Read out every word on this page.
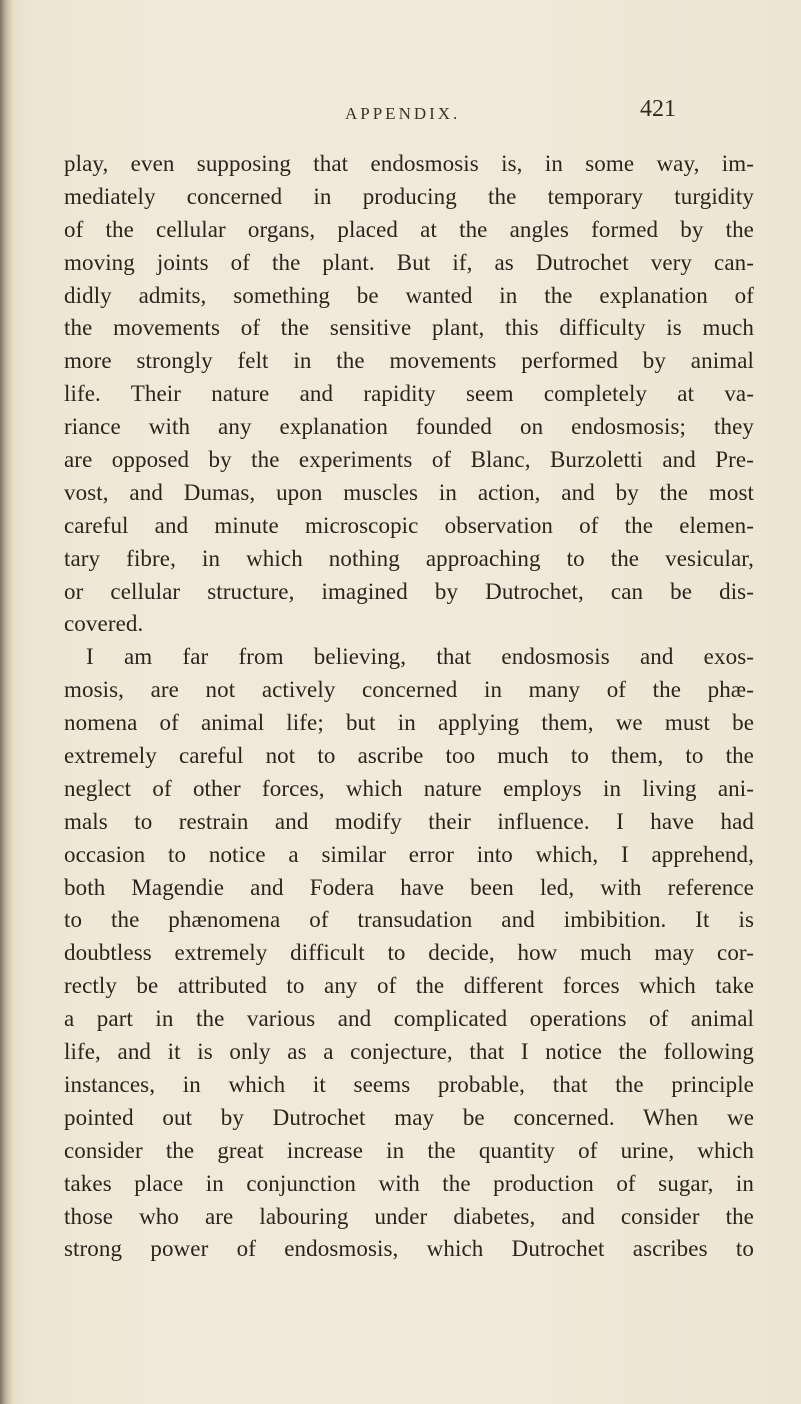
APPENDIX.	421
play, even supposing that endosmosis is, in some way, im-
mediately concerned in producing the temporary turgidity
of the cellular organs, placed at the angles formed by the
moving joints of the plant. But if, as Dutrochet very can-
didly admits, something be wanted in the explanation of
the movements of the sensitive plant, this difficulty is much
more strongly felt in the movements performed by animal
life. Their nature and rapidity seem completely at va-
riance with any explanation founded on endosmosis; they
are opposed by the experiments of Blanc, Burzoletti and Pre-
vost, and Dumas, upon muscles in action, and by the most
careful and minute microscopic observation of the elemen-
tary fibre, in which nothing approaching to the vesicular,
or cellular structure, imagined by Dutrochet, can be dis-
covered.
I am far from believing, that endosmosis and exos-
mosis, are not actively concerned in many of the phæ-
nomena of animal life; but in applying them, we must be
extremely careful not to ascribe too much to them, to the
neglect of other forces, which nature employs in living ani-
mals to restrain and modify their influence. I have had
occasion to notice a similar error into which, I apprehend,
both Magendie and Fodera have been led, with reference
to the phænomena of transudation and imbibition. It is
doubtless extremely difficult to decide, how much may cor-
rectly be attributed to any of the different forces which take
a part in the various and complicated operations of animal
life, and it is only as a conjecture, that I notice the following
instances, in which it seems probable, that the principle
pointed out by Dutrochet may be concerned. When we
consider the great increase in the quantity of urine, which
takes place in conjunction with the production of sugar, in
those who are labouring under diabetes, and consider the
strong power of endosmosis, which Dutrochet ascribes to
